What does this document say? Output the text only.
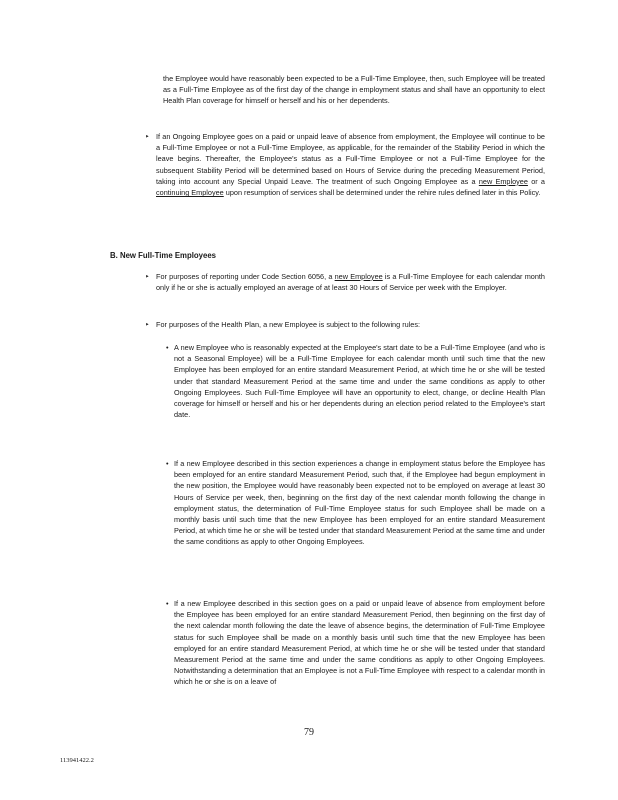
the Employee would have reasonably been expected to be a Full-Time Employee, then, such Employee will be treated as a Full-Time Employee as of the first day of the change in employment status and shall have an opportunity to elect Health Plan coverage for himself or herself and his or her dependents.
‣ If an Ongoing Employee goes on a paid or unpaid leave of absence from employment, the Employee will continue to be a Full-Time Employee or not a Full-Time Employee, as applicable, for the remainder of the Stability Period in which the leave begins. Thereafter, the Employee's status as a Full-Time Employee or not a Full-Time Employee for the subsequent Stability Period will be determined based on Hours of Service during the preceding Measurement Period, taking into account any Special Unpaid Leave. The treatment of such Ongoing Employee as a new Employee or a continuing Employee upon resumption of services shall be determined under the rehire rules defined later in this Policy.
B. New Full-Time Employees
‣ For purposes of reporting under Code Section 6056, a new Employee is a Full-Time Employee for each calendar month only if he or she is actually employed an average of at least 30 Hours of Service per week with the Employer.
‣ For purposes of the Health Plan, a new Employee is subject to the following rules:
• A new Employee who is reasonably expected at the Employee's start date to be a Full-Time Employee (and who is not a Seasonal Employee) will be a Full-Time Employee for each calendar month until such time that the new Employee has been employed for an entire standard Measurement Period, at which time he or she will be tested under that standard Measurement Period at the same time and under the same conditions as apply to other Ongoing Employees. Such Full-Time Employee will have an opportunity to elect, change, or decline Health Plan coverage for himself or herself and his or her dependents during an election period related to the Employee's start date.
• If a new Employee described in this section experiences a change in employment status before the Employee has been employed for an entire standard Measurement Period, such that, if the Employee had begun employment in the new position, the Employee would have reasonably been expected not to be employed on average at least 30 Hours of Service per week, then, beginning on the first day of the next calendar month following the change in employment status, the determination of Full-Time Employee status for such Employee shall be made on a monthly basis until such time that the new Employee has been employed for an entire standard Measurement Period, at which time he or she will be tested under that standard Measurement Period at the same time and under the same conditions as apply to other Ongoing Employees.
• If a new Employee described in this section goes on a paid or unpaid leave of absence from employment before the Employee has been employed for an entire standard Measurement Period, then beginning on the first day of the next calendar month following the date the leave of absence begins, the determination of Full-Time Employee status for such Employee shall be made on a monthly basis until such time that the new Employee has been employed for an entire standard Measurement Period, at which time he or she will be tested under that standard Measurement Period at the same time and under the same conditions as apply to other Ongoing Employees. Notwithstanding a determination that an Employee is not a Full-Time Employee with respect to a calendar month in which he or she is on a leave of
79
113941422.2
